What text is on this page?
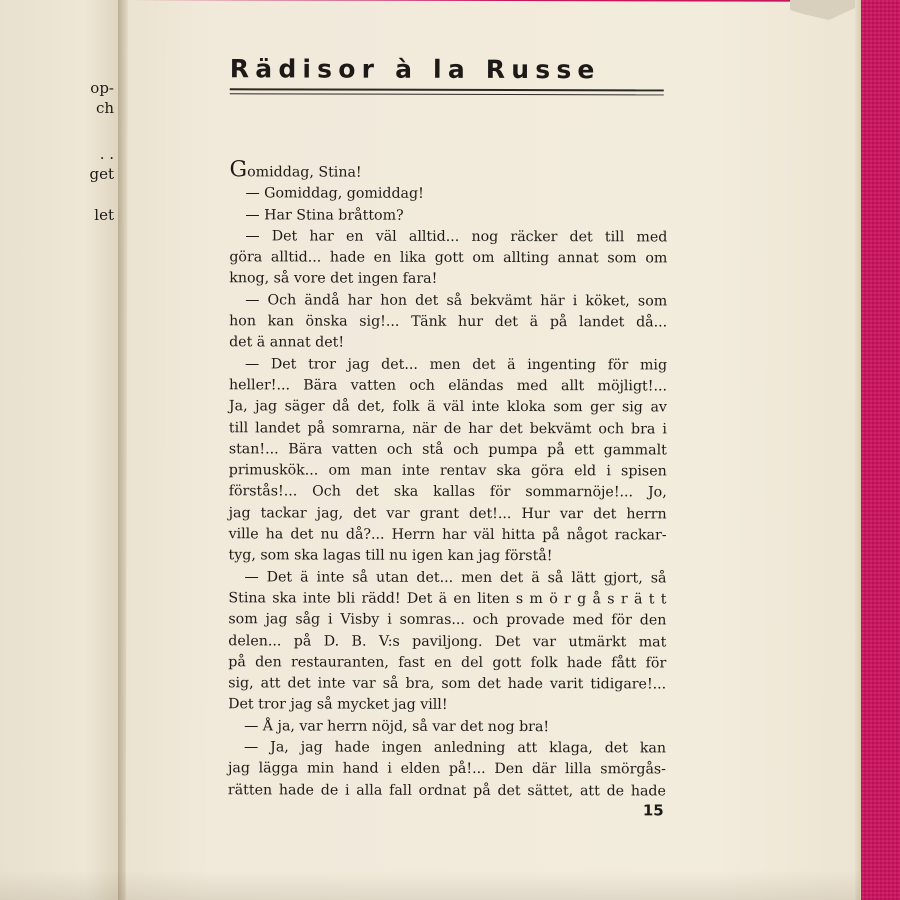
op-
ch
. .
get
let
Rädisor à la Russe
Gomiddag, Stina!
— Gomiddag, gomiddag!
— Har Stina bråttom?
— Det har en väl alltid... nog räcker det till med
göra alltid... hade en lika gott om allting annat som om
knog, så vore det ingen fara!
— Och ändå har hon det så bekvämt här i köket, som
hon kan önska sig!... Tänk hur det ä på landet då...
det ä annat det!
— Det tror jag det... men det ä ingenting för mig
heller!... Bära vatten och eländas med allt möjligt!...
Ja, jag säger då det, folk ä väl inte kloka som ger sig av
till landet på somrarna, när de har det bekvämt och bra i
stan!... Bära vatten och stå och pumpa på ett gammalt
primuskök... om man inte rentav ska göra eld i spisen
förstås!... Och det ska kallas för sommarnöje!... Jo,
jag tackar jag, det var grant det!... Hur var det herrn
ville ha det nu då?... Herrn har väl hitta på något rackar-
tyg, som ska lagas till nu igen kan jag förstå!
— Det ä inte så utan det... men det ä så lätt gjort, så
Stina ska inte bli rädd! Det ä en liten s m ö r g å s r ä t t
som jag såg i Visby i somras... och provade med för den
delen... på D. B. V:s paviljong. Det var utmärkt mat
på den restauranten, fast en del gott folk hade fått för
sig, att det inte var så bra, som det hade varit tidigare!...
Det tror jag så mycket jag vill!
— Å ja, var herrn nöjd, så var det nog bra!
— Ja, jag hade ingen anledning att klaga, det kan
jag lägga min hand i elden på!... Den där lilla smörgås-
rätten hade de i alla fall ordnat på det sättet, att de hade
15
